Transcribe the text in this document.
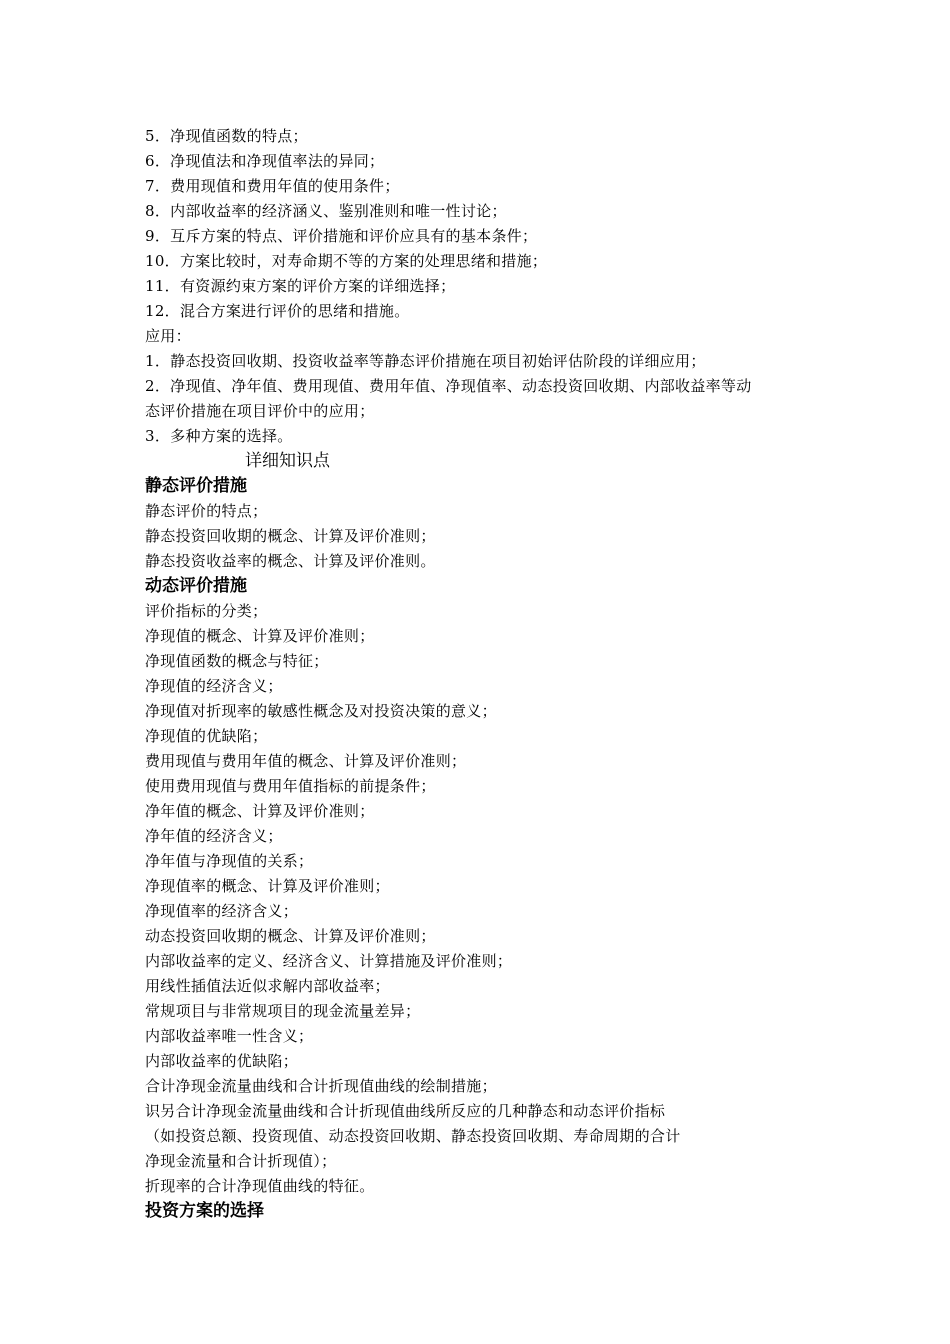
5．净现值函数的特点；
6．净现值法和净现值率法的异同；
7．费用现值和费用年值的使用条件；
8．内部收益率的经济涵义、鉴别准则和唯一性讨论；
9．互斥方案的特点、评价措施和评价应具有的基本条件；
10．方案比较时，对寿命期不等的方案的处理思绪和措施；
11．有资源约束方案的评价方案的详细选择；
12．混合方案进行评价的思绪和措施。
应用：
1．静态投资回收期、投资收益率等静态评价措施在项目初始评估阶段的详细应用；
2．净现值、净年值、费用现值、费用年值、净现值率、动态投资回收期、内部收益率等动
态评价措施在项目评价中的应用；
3．多种方案的选择。
详细知识点
静态评价措施
静态评价的特点；
静态投资回收期的概念、计算及评价准则；
静态投资收益率的概念、计算及评价准则。
动态评价措施
评价指标的分类；
净现值的概念、计算及评价准则；
净现值函数的概念与特征；
净现值的经济含义；
净现值对折现率的敏感性概念及对投资决策的意义；
净现值的优缺陷；
费用现值与费用年值的概念、计算及评价准则；
使用费用现值与费用年值指标的前提条件；
净年值的概念、计算及评价准则；
净年值的经济含义；
净年值与净现值的关系；
净现值率的概念、计算及评价准则；
净现值率的经济含义；
动态投资回收期的概念、计算及评价准则；
内部收益率的定义、经济含义、计算措施及评价准则；
用线性插值法近似求解内部收益率；
常规项目与非常规项目的现金流量差异；
内部收益率唯一性含义；
内部收益率的优缺陷；
合计净现金流量曲线和合计折现值曲线的绘制措施；
识另合计净现金流量曲线和合计折现值曲线所反应的几种静态和动态评价指标
（如投资总额、投资现值、动态投资回收期、静态投资回收期、寿命周期的合计
净现金流量和合计折现值）；
折现率的合计净现值曲线的特征。
投资方案的选择
